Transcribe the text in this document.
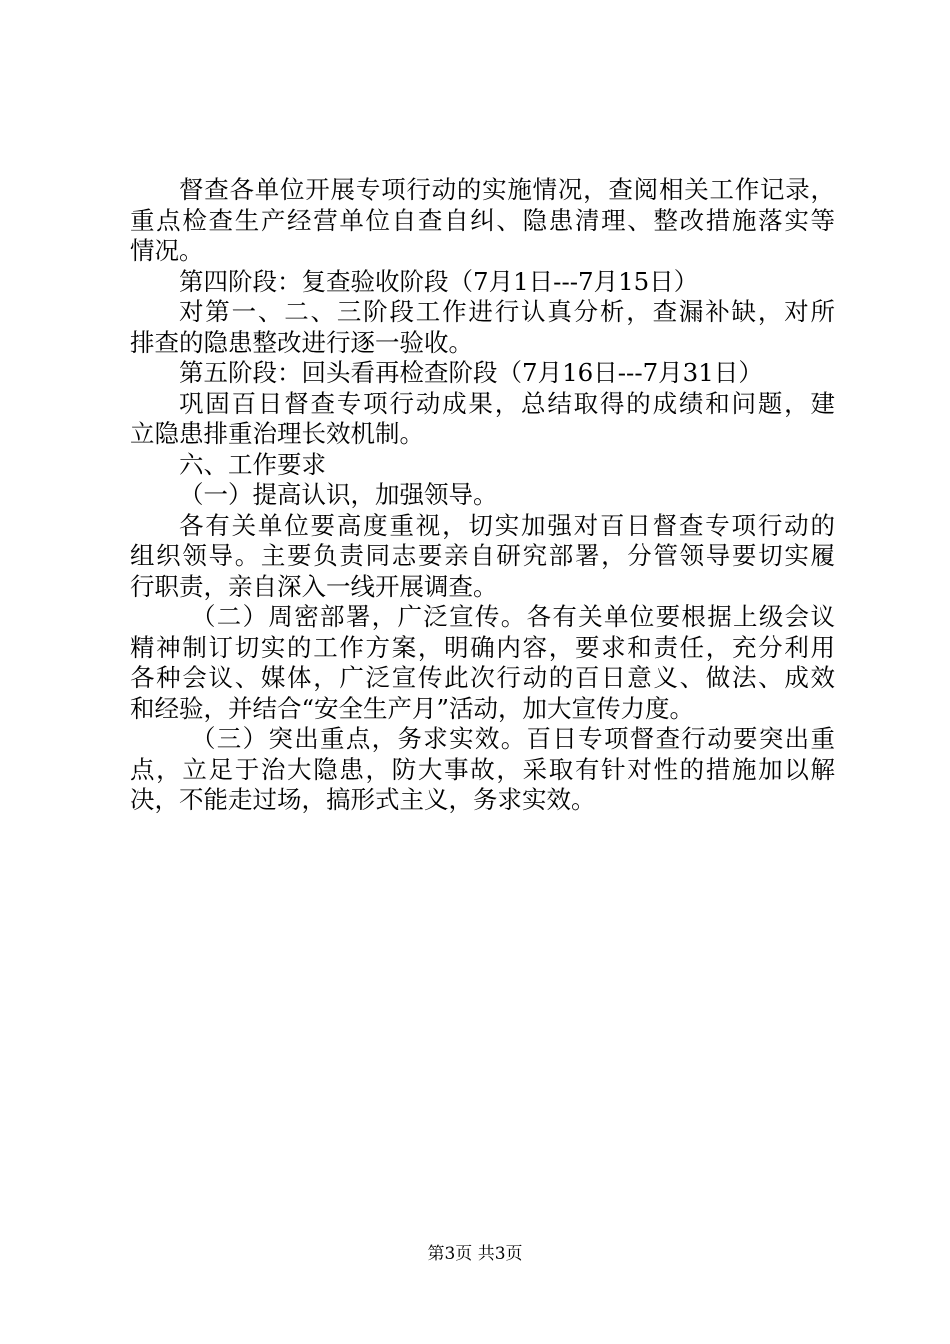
督查各单位开展专项行动的实施情况，查阅相关工作记录，
重点检查生产经营单位自查自纠、隐患清理、整改措施落实等
情况。
第四阶段：复查验收阶段（7月1日---7月15日）
对第一、二、三阶段工作进行认真分析，查漏补缺，对所
排查的隐患整改进行逐一验收。
第五阶段：回头看再检查阶段（7月16日---7月31日）
巩固百日督查专项行动成果，总结取得的成绩和问题，建
立隐患排重治理长效机制。
六、工作要求
（一）提高认识，加强领导。
各有关单位要高度重视，切实加强对百日督查专项行动的
组织领导。主要负责同志要亲自研究部署，分管领导要切实履
行职责，亲自深入一线开展调查。
（二）周密部署，广泛宣传。各有关单位要根据上级会议
精神制订切实的工作方案，明确内容，要求和责任，充分利用
各种会议、媒体，广泛宣传此次行动的百日意义、做法、成效
和经验，并结合“安全生产月”活动，加大宣传力度。
（三）突出重点，务求实效。百日专项督查行动要突出重
点，立足于治大隐患，防大事故，采取有针对性的措施加以解
决，不能走过场，搞形式主义，务求实效。
第3页 共3页
